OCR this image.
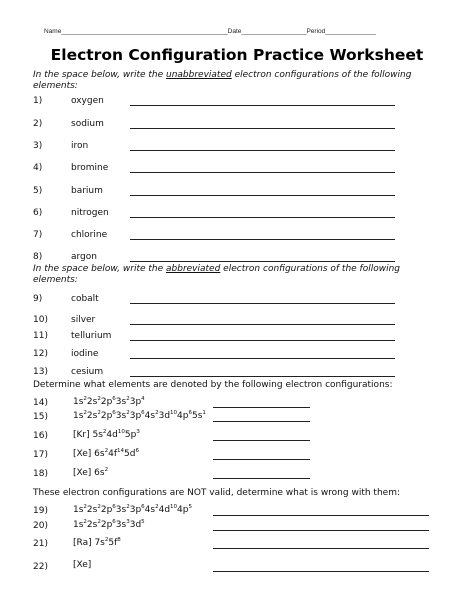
Name______________________________________________Date__________________Period______________
Electron Configuration Practice Worksheet
In the space below, write the unabbreviated electron configurations of the following elements:
1)	oxygen
2)	sodium
3)	iron
4)	bromine
5)	barium
6)	nitrogen
7)	chlorine
8)	argon
In the space below, write the abbreviated electron configurations of the following elements:
9)	cobalt
10)	silver
11)	tellurium
12)	iodine
13)	cesium
Determine what elements are denoted by the following electron configurations:
14)	$1s^22s^22p^63s^23p^4$
15)	$1s^22s^22p^63s^23p^64s^23d^{10}4p^65s^1$
16)	[Kr] $5s^24d^{10}5p^3$
17)	[Xe] $6s^24f^{14}5d^6$
18)	[Xe] $6s^2$
These electron configurations are NOT valid, determine what is wrong with them:
19)	$1s^22s^22p^63s^23p^64s^24d^{10}4p^5$
20)	$1s^22s^22p^63s^33d^5$
21)	[Ra] $7s^25f^8$
22)	[Xe]
